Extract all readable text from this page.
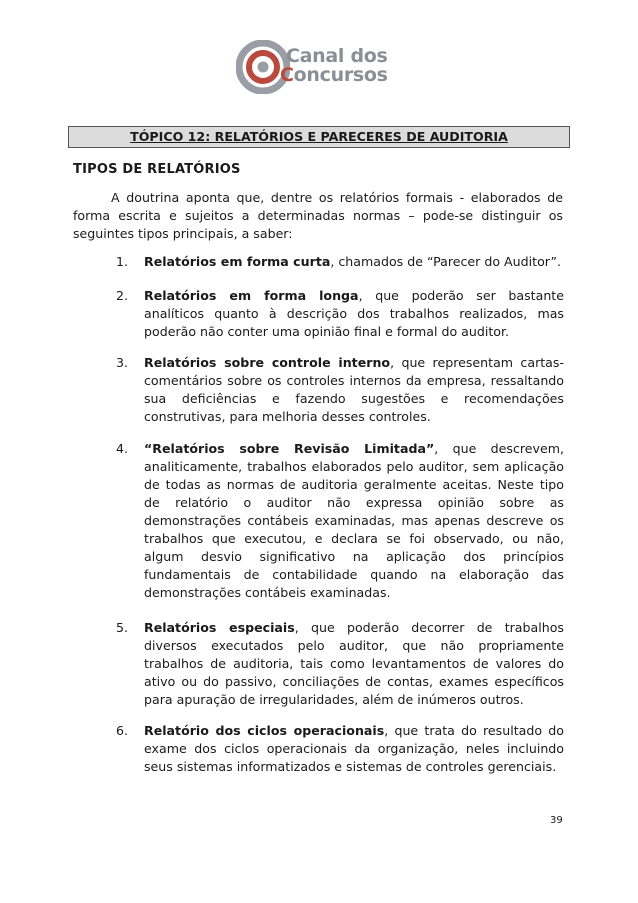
Canal dos
Concursos
TÓPICO 12: RELATÓRIOS E PARECERES DE AUDITORIA
TIPOS DE RELATÓRIOS
A doutrina aponta que, dentre os relatórios formais - elaborados de forma escrita e sujeitos a determinadas normas – pode-se distinguir os seguintes tipos principais, a saber:
1. Relatórios em forma curta, chamados de “Parecer do Auditor”.
2. Relatórios em forma longa, que poderão ser bastante analíticos quanto à descrição dos trabalhos realizados, mas poderão não conter uma opinião final e formal do auditor.
3. Relatórios sobre controle interno, que representam cartas-comentários sobre os controles internos da empresa, ressaltando sua deficiências e fazendo sugestões e recomendações construtivas, para melhoria desses controles.
4. “Relatórios sobre Revisão Limitada”, que descrevem, analiticamente, trabalhos elaborados pelo auditor, sem aplicação de todas as normas de auditoria geralmente aceitas. Neste tipo de relatório o auditor não expressa opinião sobre as demonstrações contábeis examinadas, mas apenas descreve os trabalhos que executou, e declara se foi observado, ou não, algum desvio significativo na aplicação dos princípios fundamentais de contabilidade quando na elaboração das demonstrações contábeis examinadas.
5. Relatórios especiais, que poderão decorrer de trabalhos diversos executados pelo auditor, que não propriamente trabalhos de auditoria, tais como levantamentos de valores do ativo ou do passivo, conciliações de contas, exames específicos para apuração de irregularidades, além de inúmeros outros.
6. Relatório dos ciclos operacionais, que trata do resultado do exame dos ciclos operacionais da organização, neles incluindo seus sistemas informatizados e sistemas de controles gerenciais.
39
